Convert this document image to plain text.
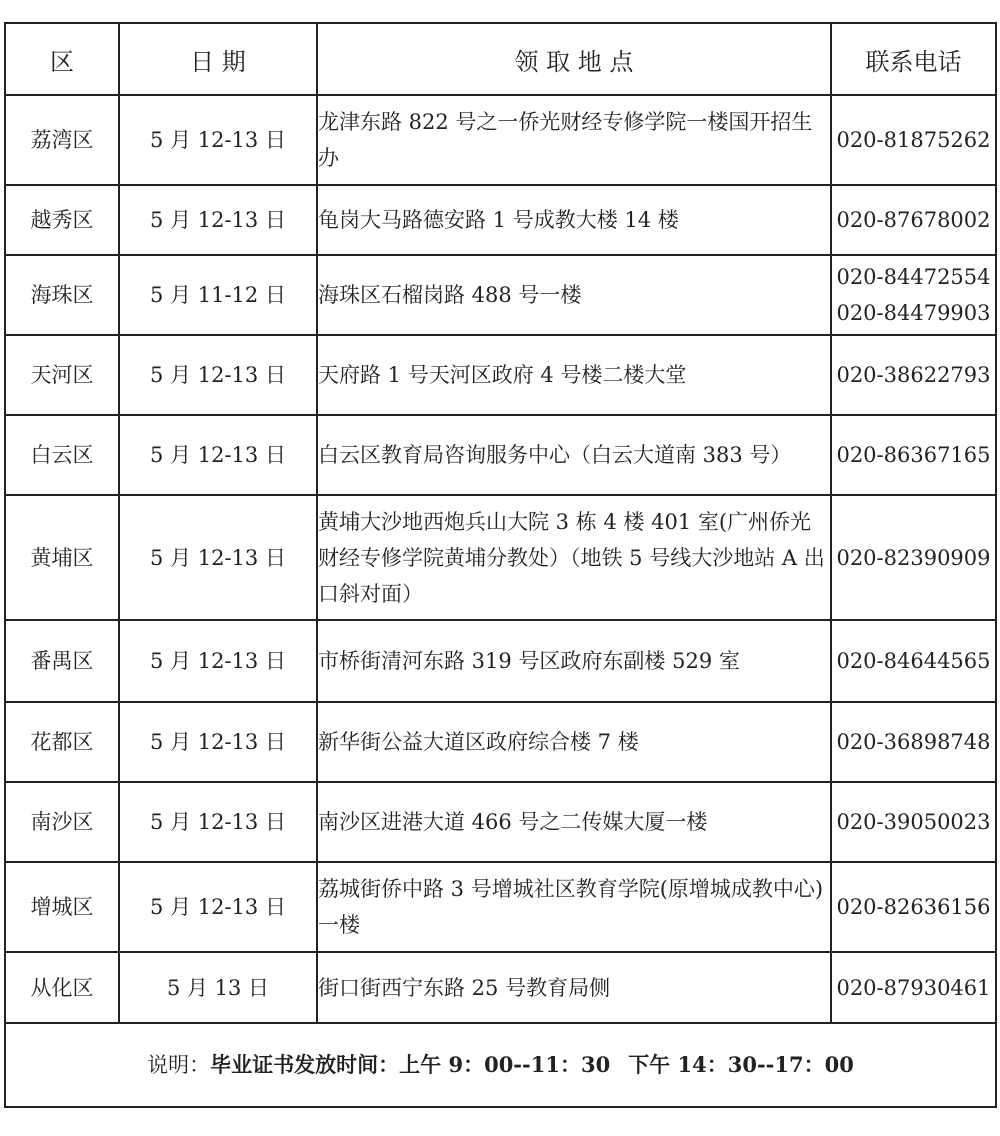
区	日 期	领 取 地 点	联系电话
荔湾区	5 月 12-13 日	龙津东路 822 号之一侨光财经专修学院一楼国开招生办	020-81875262

越秀区	5 月 12-13 日	龟岗大马路德安路 1 号成教大楼 14 楼	020-87678002

海珠区	5 月 11-12 日	海珠区石榴岗路 488 号一楼	020-84472554
020-84479903

天河区	5 月 12-13 日	天府路 1 号天河区政府 4 号楼二楼大堂	020-38622793

白云区	5 月 12-13 日	白云区教育局咨询服务中心（白云大道南 383 号）	020-86367165

黄埔区	5 月 12-13 日	黄埔大沙地西炮兵山大院 3 栋 4 楼 401 室(广州侨光财经专修学院黄埔分教处）（地铁 5 号线大沙地站 A 出口斜对面）	020-82390909

番禺区	5 月 12-13 日	市桥街清河东路 319 号区政府东副楼 529 室	020-84644565

花都区	5 月 12-13 日	新华街公益大道区政府综合楼 7 楼	020-36898748

南沙区	5 月 12-13 日	南沙区进港大道 466 号之二传媒大厦一楼	020-39050023

增城区	5 月 12-13 日	荔城街侨中路 3 号增城社区教育学院(原增城成教中心)一楼	020-82636156

从化区	5 月 13 日	街口街西宁东路 25 号教育局侧	020-87930461

说明：毕业证书发放时间：上午 9：00--11：30 下午 14：30--17：00			
